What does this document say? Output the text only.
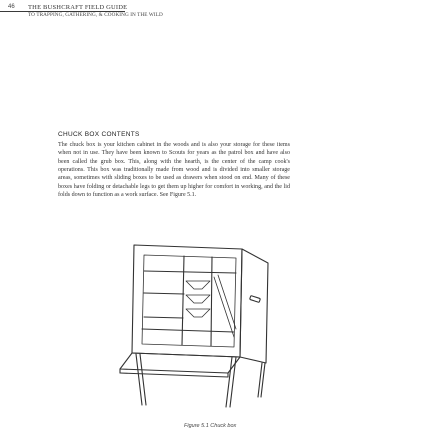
46 THE BUSHCRAFT FIELD GUIDE
TO TRAPPING, GATHERING, & COOKING IN THE WILD
CHUCK BOX CONTENTS

The chuck box is your kitchen cabinet in the woods and is also your storage for these items when not in use. They have been known to Scouts for years as the patrol box and have also been called the grub box. This, along with the hearth, is the center of the camp cook's operations. This box was traditionally made from wood and is divided into smaller storage areas, sometimes with sliding boxes to be used as drawers when stood on end. Many of these boxes have folding or detachable legs to get them up higher for comfort in working, and the lid folds down to function as a work surface. See Figure 5.1.

Figure 5.1 Chuck box
